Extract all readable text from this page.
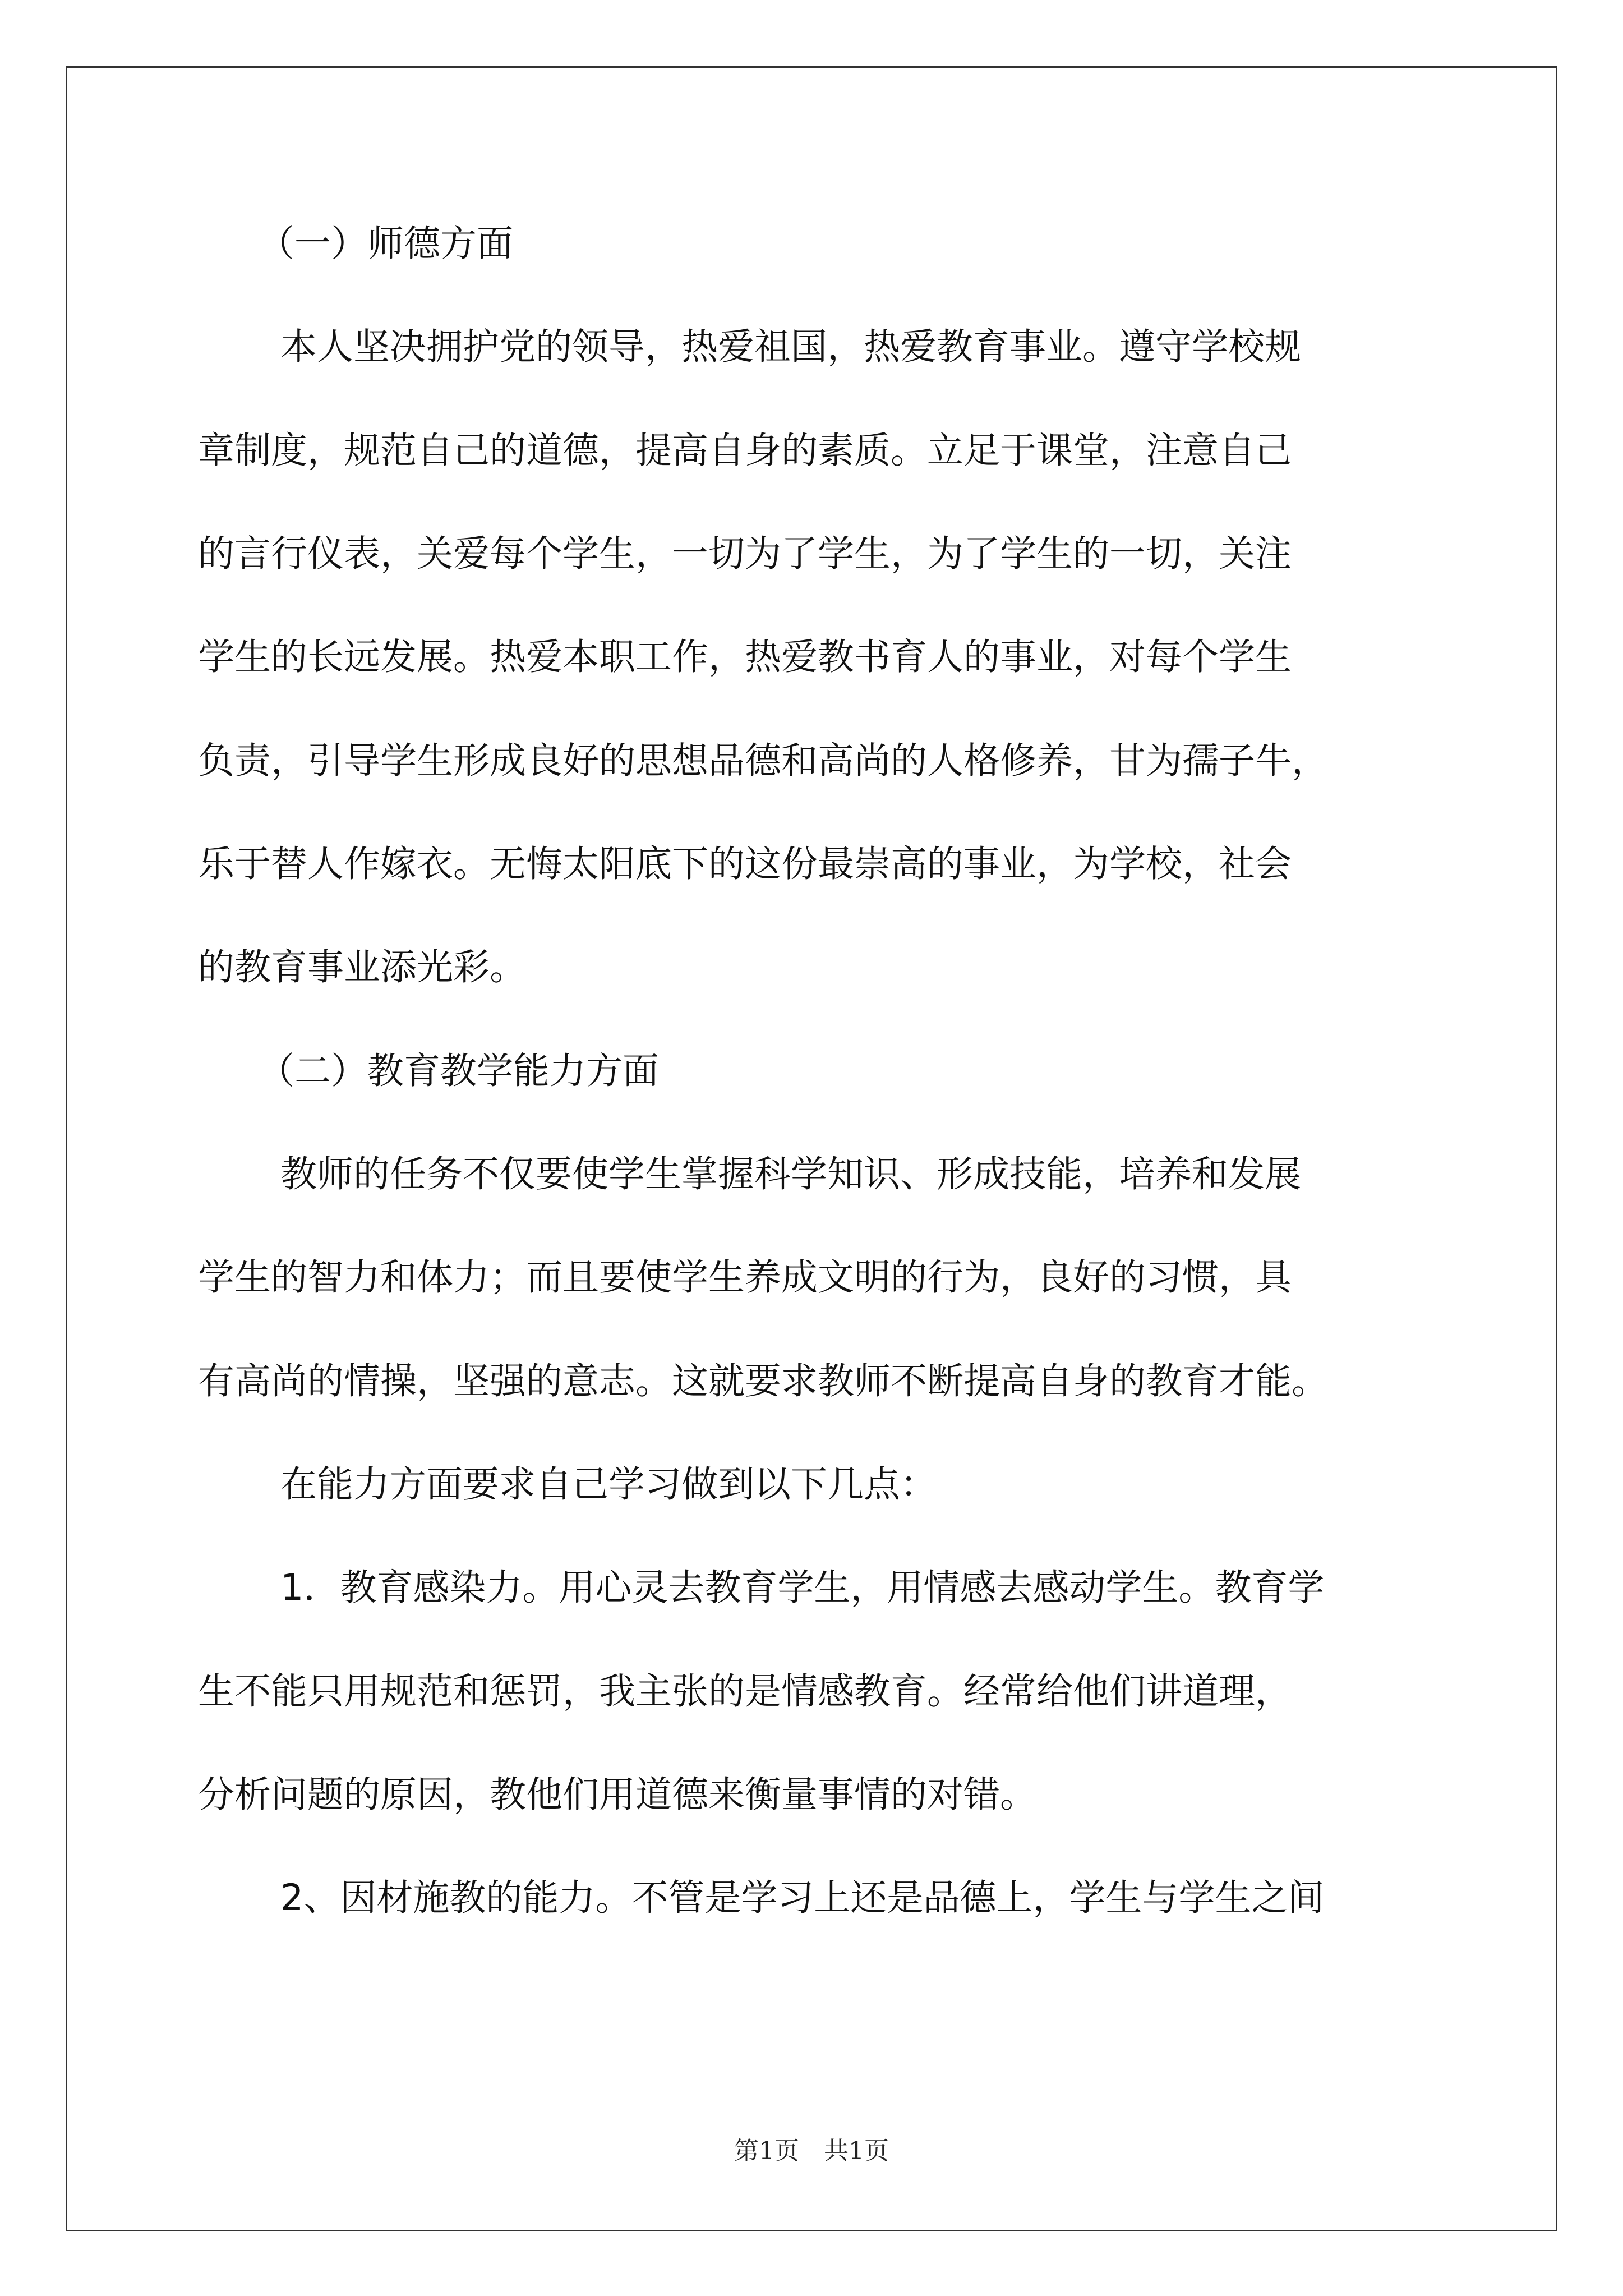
（一）师德方面
本人坚决拥护党的领导，热爱祖国，热爱教育事业。遵守学校规
章制度，规范自己的道德，提高自身的素质。立足于课堂，注意自己
的言行仪表，关爱每个学生，一切为了学生，为了学生的一切，关注
学生的长远发展。热爱本职工作，热爱教书育人的事业，对每个学生
负责，引导学生形成良好的思想品德和高尚的人格修养，甘为孺子牛，
乐于替人作嫁衣。无悔太阳底下的这份最崇高的事业，为学校，社会
的教育事业添光彩。
（二）教育教学能力方面
教师的任务不仅要使学生掌握科学知识、形成技能，培养和发展
学生的智力和体力；而且要使学生养成文明的行为，良好的习惯，具
有高尚的情操，坚强的意志。这就要求教师不断提高自身的教育才能。
在能力方面要求自己学习做到以下几点：
1．教育感染力。用心灵去教育学生，用情感去感动学生。教育学
生不能只用规范和惩罚，我主张的是情感教育。经常给他们讲道理，
分析问题的原因，教他们用道德来衡量事情的对错。
2、因材施教的能力。不管是学习上还是品德上，学生与学生之间
第1页　共1页
